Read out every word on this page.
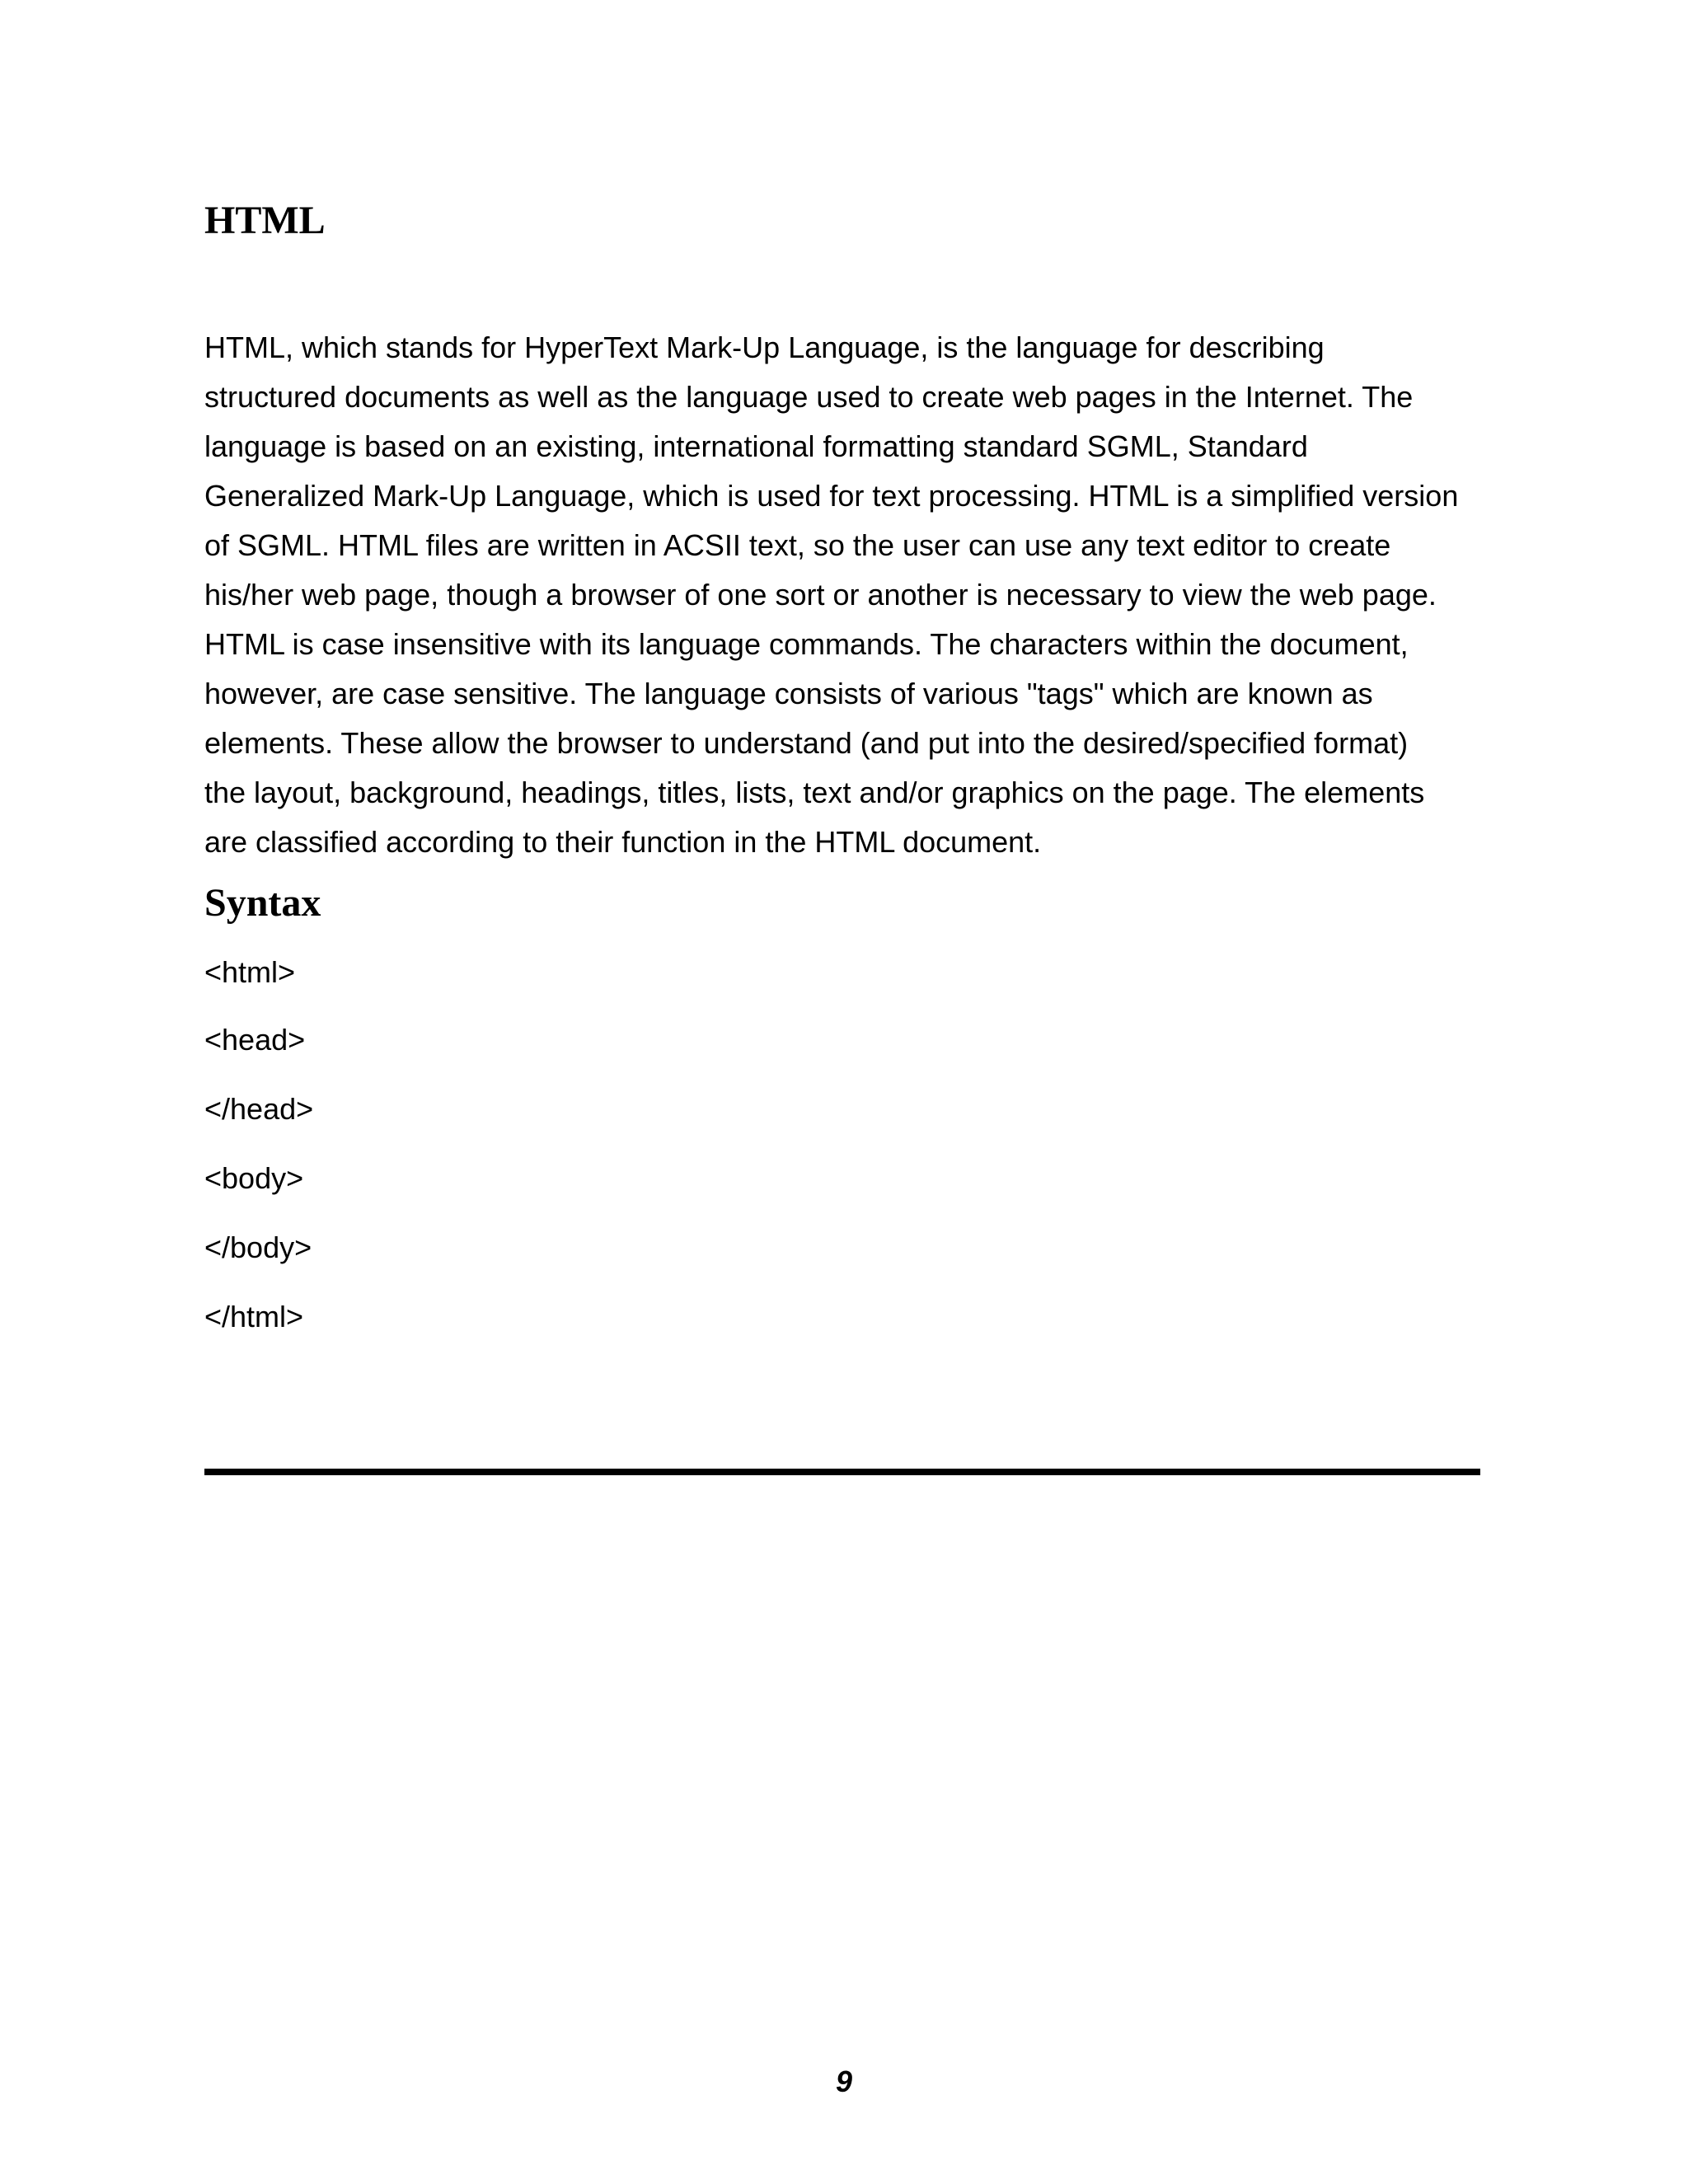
HTML

HTML, which stands for HyperText Mark-Up Language, is the language for describing
structured documents as well as the language used to create web pages in the Internet. The
language is based on an existing, international formatting standard SGML, Standard
Generalized Mark-Up Language, which is used for text processing. HTML is a simplified version
of SGML. HTML files are written in ACSII text, so the user can use any text editor to create
his/her web page, though a browser of one sort or another is necessary to view the web page.
HTML is case insensitive with its language commands. The characters within the document,
however, are case sensitive. The language consists of various "tags" which are known as
elements. These allow the browser to understand (and put into the desired/specified format)
the layout, background, headings, titles, lists, text and/or graphics on the page. The elements
are classified according to their function in the HTML document.

Syntax
<html>
<head>
</head>
<body>
</body>
</html>
9
